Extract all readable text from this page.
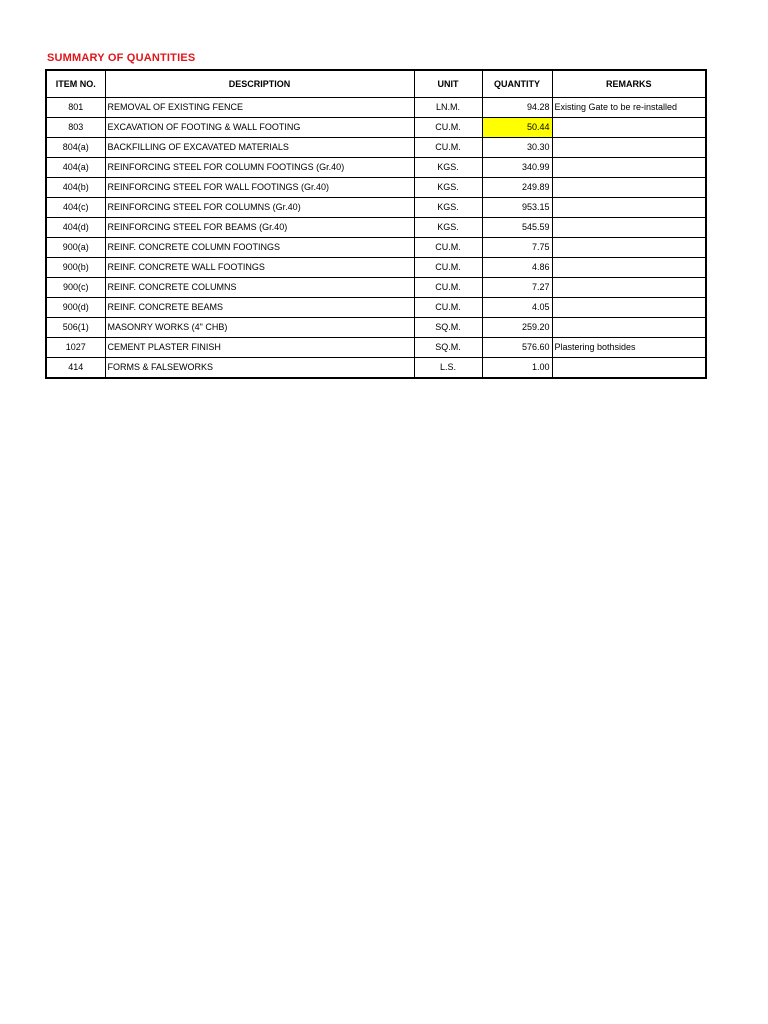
SUMMARY OF QUANTITIES
ITEM NO.	DESCRIPTION	UNIT	QUANTITY	REMARKS
801	REMOVAL OF EXISTING FENCE	LN.M.	94.28	Existing Gate to be re-installed
803	EXCAVATION OF FOOTING & WALL FOOTING	CU.M.	50.44	
804(a)	BACKFILLING OF EXCAVATED MATERIALS	CU.M.	30.30	
404(a)	REINFORCING STEEL FOR COLUMN FOOTINGS (Gr.40)	KGS.	340.99	
404(b)	REINFORCING STEEL FOR WALL FOOTINGS (Gr.40)	KGS.	249.89	
404(c)	REINFORCING STEEL FOR COLUMNS (Gr.40)	KGS.	953.15	
404(d)	REINFORCING STEEL FOR BEAMS (Gr.40)	KGS.	545.59	
900(a)	REINF. CONCRETE COLUMN FOOTINGS	CU.M.	7.75	
900(b)	REINF. CONCRETE WALL FOOTINGS	CU.M.	4.86	
900(c)	REINF. CONCRETE COLUMNS	CU.M.	7.27	
900(d)	REINF. CONCRETE BEAMS	CU.M.	4.05	
506(1)	MASONRY WORKS (4" CHB)	SQ.M.	259.20	
1027	CEMENT PLASTER FINISH	SQ.M.	576.60	Plastering bothsides
414	FORMS & FALSEWORKS	L.S.	1.00	
